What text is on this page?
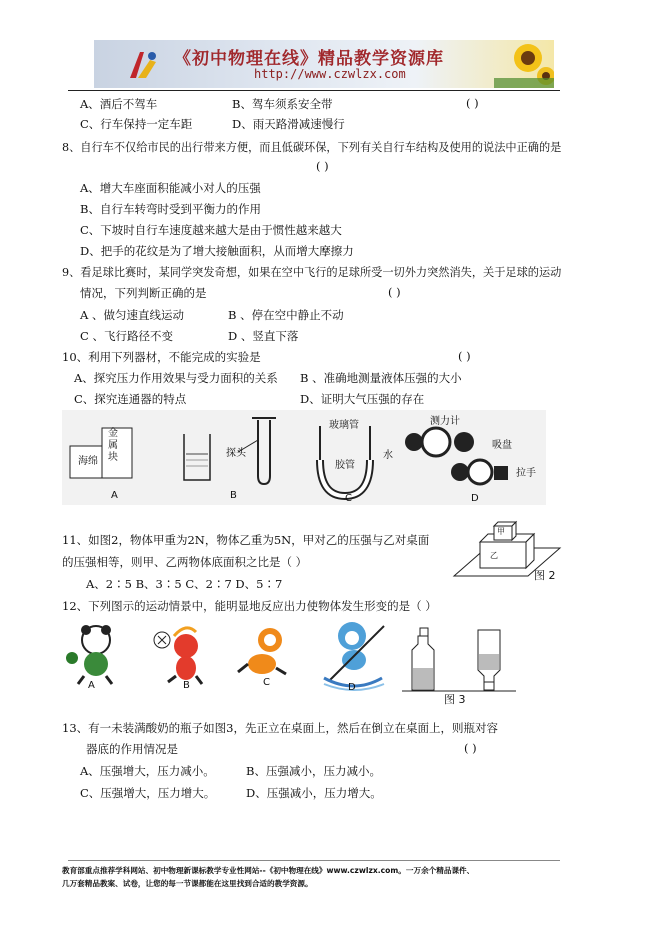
《初中物理在线》精品教学资源库
http://www.czwlzx.com
A、酒后不驾车	B、驾车须系安全带	( )
C、行车保持一定车距	D、雨天路滑减速慢行
8、自行车不仅给市民的出行带来方便，而且低碳环保，下列有关自行车结构及使用的说法中正确的是
( )
A、增大车座面积能减小对人的压强
B、自行车转弯时受到平衡力的作用
C、下坡时自行车速度越来越大是由于惯性越来越大
D、把手的花纹是为了增大接触面积，从而增大摩擦力
9、看足球比赛时，某同学突发奇想，如果在空中飞行的足球所受一切外力突然消失，关于足球的运动
情况，下列判断正确的是	( )
A 、做匀速直线运动	B 、停在空中静止不动
C 、飞行路径不变	D 、竖直下落
10、利用下列器材，不能完成的实验是	( )
A、探究压力作用效果与受力面积的关系 B 、准确地测量液体压强的大小
C、探究连通器的特点	D、证明大气压强的存在
海绵
金属块	探头
玻璃管
胶管
水
测力计
吸盘
拉手
A	B	C	D
11、如图2，物体甲重为2N，物体乙重为5N，甲对乙的压强与乙对桌面
的压强相等，则甲、乙两物体底面积之比是（ ）
A、2∶5 B、3∶5 C、2∶7 D、5∶7
甲
乙
图 2
12、下列图示的运动情景中，能明显地反应出力使物体发生形变的是（ ）
A	B	C	D
图 3
13、有一未装满酸奶的瓶子如图3，先正立在桌面上，然后在倒立在桌面上，则瓶对容
器底的作用情况是	( )
A、压强增大，压力减小。	B、压强减小，压力减小。
C、压强增大，压力增大。	D、压强减小，压力增大。
教育部重点推荐学科网站、初中物理新课标教学专业性网站--《初中物理在线》www.czwlzx.com。一万余个精品课件、
几万套精品教案、试卷，让您的每一节课都能在这里找到合适的教学资源。
